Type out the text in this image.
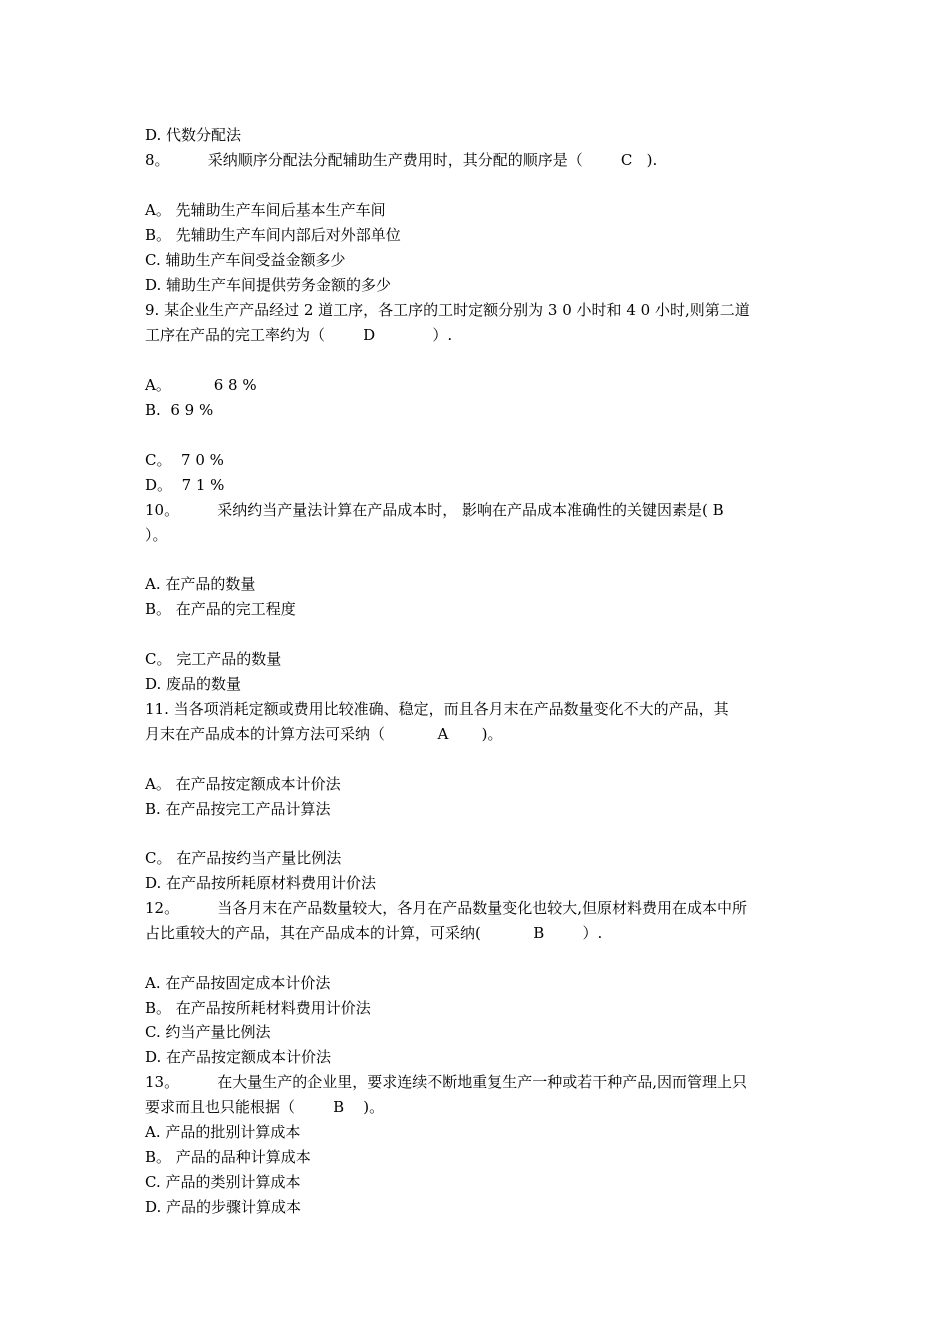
D. 代数分配法

8。        采纳顺序分配法分配辅助生产费用时，其分配的顺序是（        C   ).

A。 先辅助生产车间后基本生产车间

B。 先辅助生产车间内部后对外部单位

C. 辅助生产车间受益金额多少

D. 辅助生产车间提供劳务金额的多少

9. 某企业生产产品经过 2 道工序，各工序的工时定额分别为 3 0 小时和 4 0 小时,则第二道

工序在产品的完工率约为（        D            ）.

A。         6 8 %

B.  6 9 %

C。  7 0 %

D。  7 1 %

10。        采纳约当产量法计算在产品成本时， 影响在产品成本准确性的关键因素是( B

）。

A. 在产品的数量

B。 在产品的完工程度

C。 完工产品的数量

D. 废品的数量

11. 当各项消耗定额或费用比较准确、稳定，而且各月末在产品数量变化不大的产品，其

月末在产品成本的计算方法可采纳（           A       )。

A。 在产品按定额成本计价法

B. 在产品按完工产品计算法

C。 在产品按约当产量比例法

D. 在产品按所耗原材料费用计价法

12。        当各月末在产品数量较大，各月在产品数量变化也较大,但原材料费用在成本中所

占比重较大的产品，其在产品成本的计算，可采纳(           B        ）.

A. 在产品按固定成本计价法

B。 在产品按所耗材料费用计价法

C. 约当产量比例法

D. 在产品按定额成本计价法

13。        在大量生产的企业里，要求连续不断地重复生产一种或若干种产品,因而管理上只

要求而且也只能根据（        B    )。

A. 产品的批别计算成本

B。 产品的品种计算成本

C. 产品的类别计算成本

D. 产品的步骤计算成本
